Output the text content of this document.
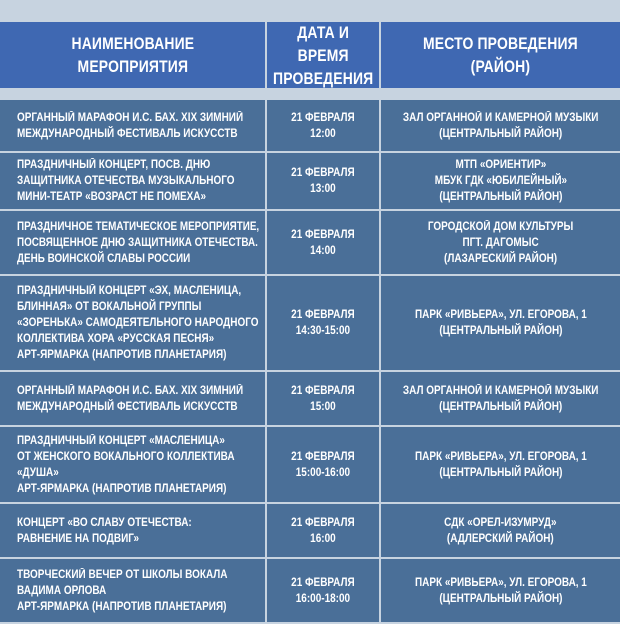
НАИМЕНОВАНИЕ
МЕРОПРИЯТИЯ
ДАТА И ВРЕМЯ
ПРОВЕДЕНИЯ
МЕСТО ПРОВЕДЕНИЯ
(РАЙОН)
ОРГАННЫЙ МАРАФОН И.С. БАХ. XIX ЗИМНИЙ
МЕЖДУНАРОДНЫЙ ФЕСТИВАЛЬ ИСКУССТВ
21 ФЕВРАЛЯ
12:00
ЗАЛ ОРГАННОЙ И КАМЕРНОЙ МУЗЫКИ
(ЦЕНТРАЛЬНЫЙ РАЙОН)
ПРАЗДНИЧНЫЙ КОНЦЕРТ, ПОСВ. ДНЮ
ЗАЩИТНИКА ОТЕЧЕСТВА МУЗЫКАЛЬНОГО
МИНИ-ТЕАТР «ВОЗРАСТ НЕ ПОМЕХА»
21 ФЕВРАЛЯ
13:00
МТП «ОРИЕНТИР»
МБУК ГДК «ЮБИЛЕЙНЫЙ»
(ЦЕНТРАЛЬНЫЙ РАЙОН)
ПРАЗДНИЧНОЕ ТЕМАТИЧЕСКОЕ МЕРОПРИЯТИЕ,
ПОСВЯЩЕННОЕ ДНЮ ЗАЩИТНИКА ОТЕЧЕСТВА.
ДЕНЬ ВОИНСКОЙ СЛАВЫ РОССИИ
21 ФЕВРАЛЯ
14:00
ГОРОДСКОЙ ДОМ КУЛЬТУРЫ
ПГТ. ДАГОМЫС
(ЛАЗАРЕСКИЙ РАЙОН)
ПРАЗДНИЧНЫЙ КОНЦЕРТ «ЭХ, МАСЛЕНИЦА,
БЛИННАЯ» ОТ ВОКАЛЬНОЙ ГРУППЫ
«ЗОРЕНЬКА» САМОДЕЯТЕЛЬНОГО НАРОДНОГО
КОЛЛЕКТИВА ХОРА «РУССКАЯ ПЕСНЯ»
АРТ-ЯРМАРКА (НАПРОТИВ ПЛАНЕТАРИЯ)
21 ФЕВРАЛЯ
14:30-15:00
ПАРК «РИВЬЕРА», УЛ. ЕГОРОВА, 1
(ЦЕНТРАЛЬНЫЙ РАЙОН)
ОРГАННЫЙ МАРАФОН И.С. БАХ. XIX ЗИМНИЙ
МЕЖДУНАРОДНЫЙ ФЕСТИВАЛЬ ИСКУССТВ
21 ФЕВРАЛЯ
15:00
ЗАЛ ОРГАННОЙ И КАМЕРНОЙ МУЗЫКИ
(ЦЕНТРАЛЬНЫЙ РАЙОН)
ПРАЗДНИЧНЫЙ КОНЦЕРТ «МАСЛЕНИЦА»
ОТ ЖЕНСКОГО ВОКАЛЬНОГО КОЛЛЕКТИВА
«ДУША»
АРТ-ЯРМАРКА (НАПРОТИВ ПЛАНЕТАРИЯ)
21 ФЕВРАЛЯ
15:00-16:00
ПАРК «РИВЬЕРА», УЛ. ЕГОРОВА, 1
(ЦЕНТРАЛЬНЫЙ РАЙОН)
КОНЦЕРТ «ВО СЛАВУ ОТЕЧЕСТВА:
РАВНЕНИЕ НА ПОДВИГ»
21 ФЕВРАЛЯ
16:00
СДК «ОРЕЛ-ИЗУМРУД»
(АДЛЕРСКИЙ РАЙОН)
ТВОРЧЕСКИЙ ВЕЧЕР ОТ ШКОЛЫ ВОКАЛА
ВАДИМА ОРЛОВА
АРТ-ЯРМАРКА (НАПРОТИВ ПЛАНЕТАРИЯ)
21 ФЕВРАЛЯ
16:00-18:00
ПАРК «РИВЬЕРА», УЛ. ЕГОРОВА, 1
(ЦЕНТРАЛЬНЫЙ РАЙОН)
